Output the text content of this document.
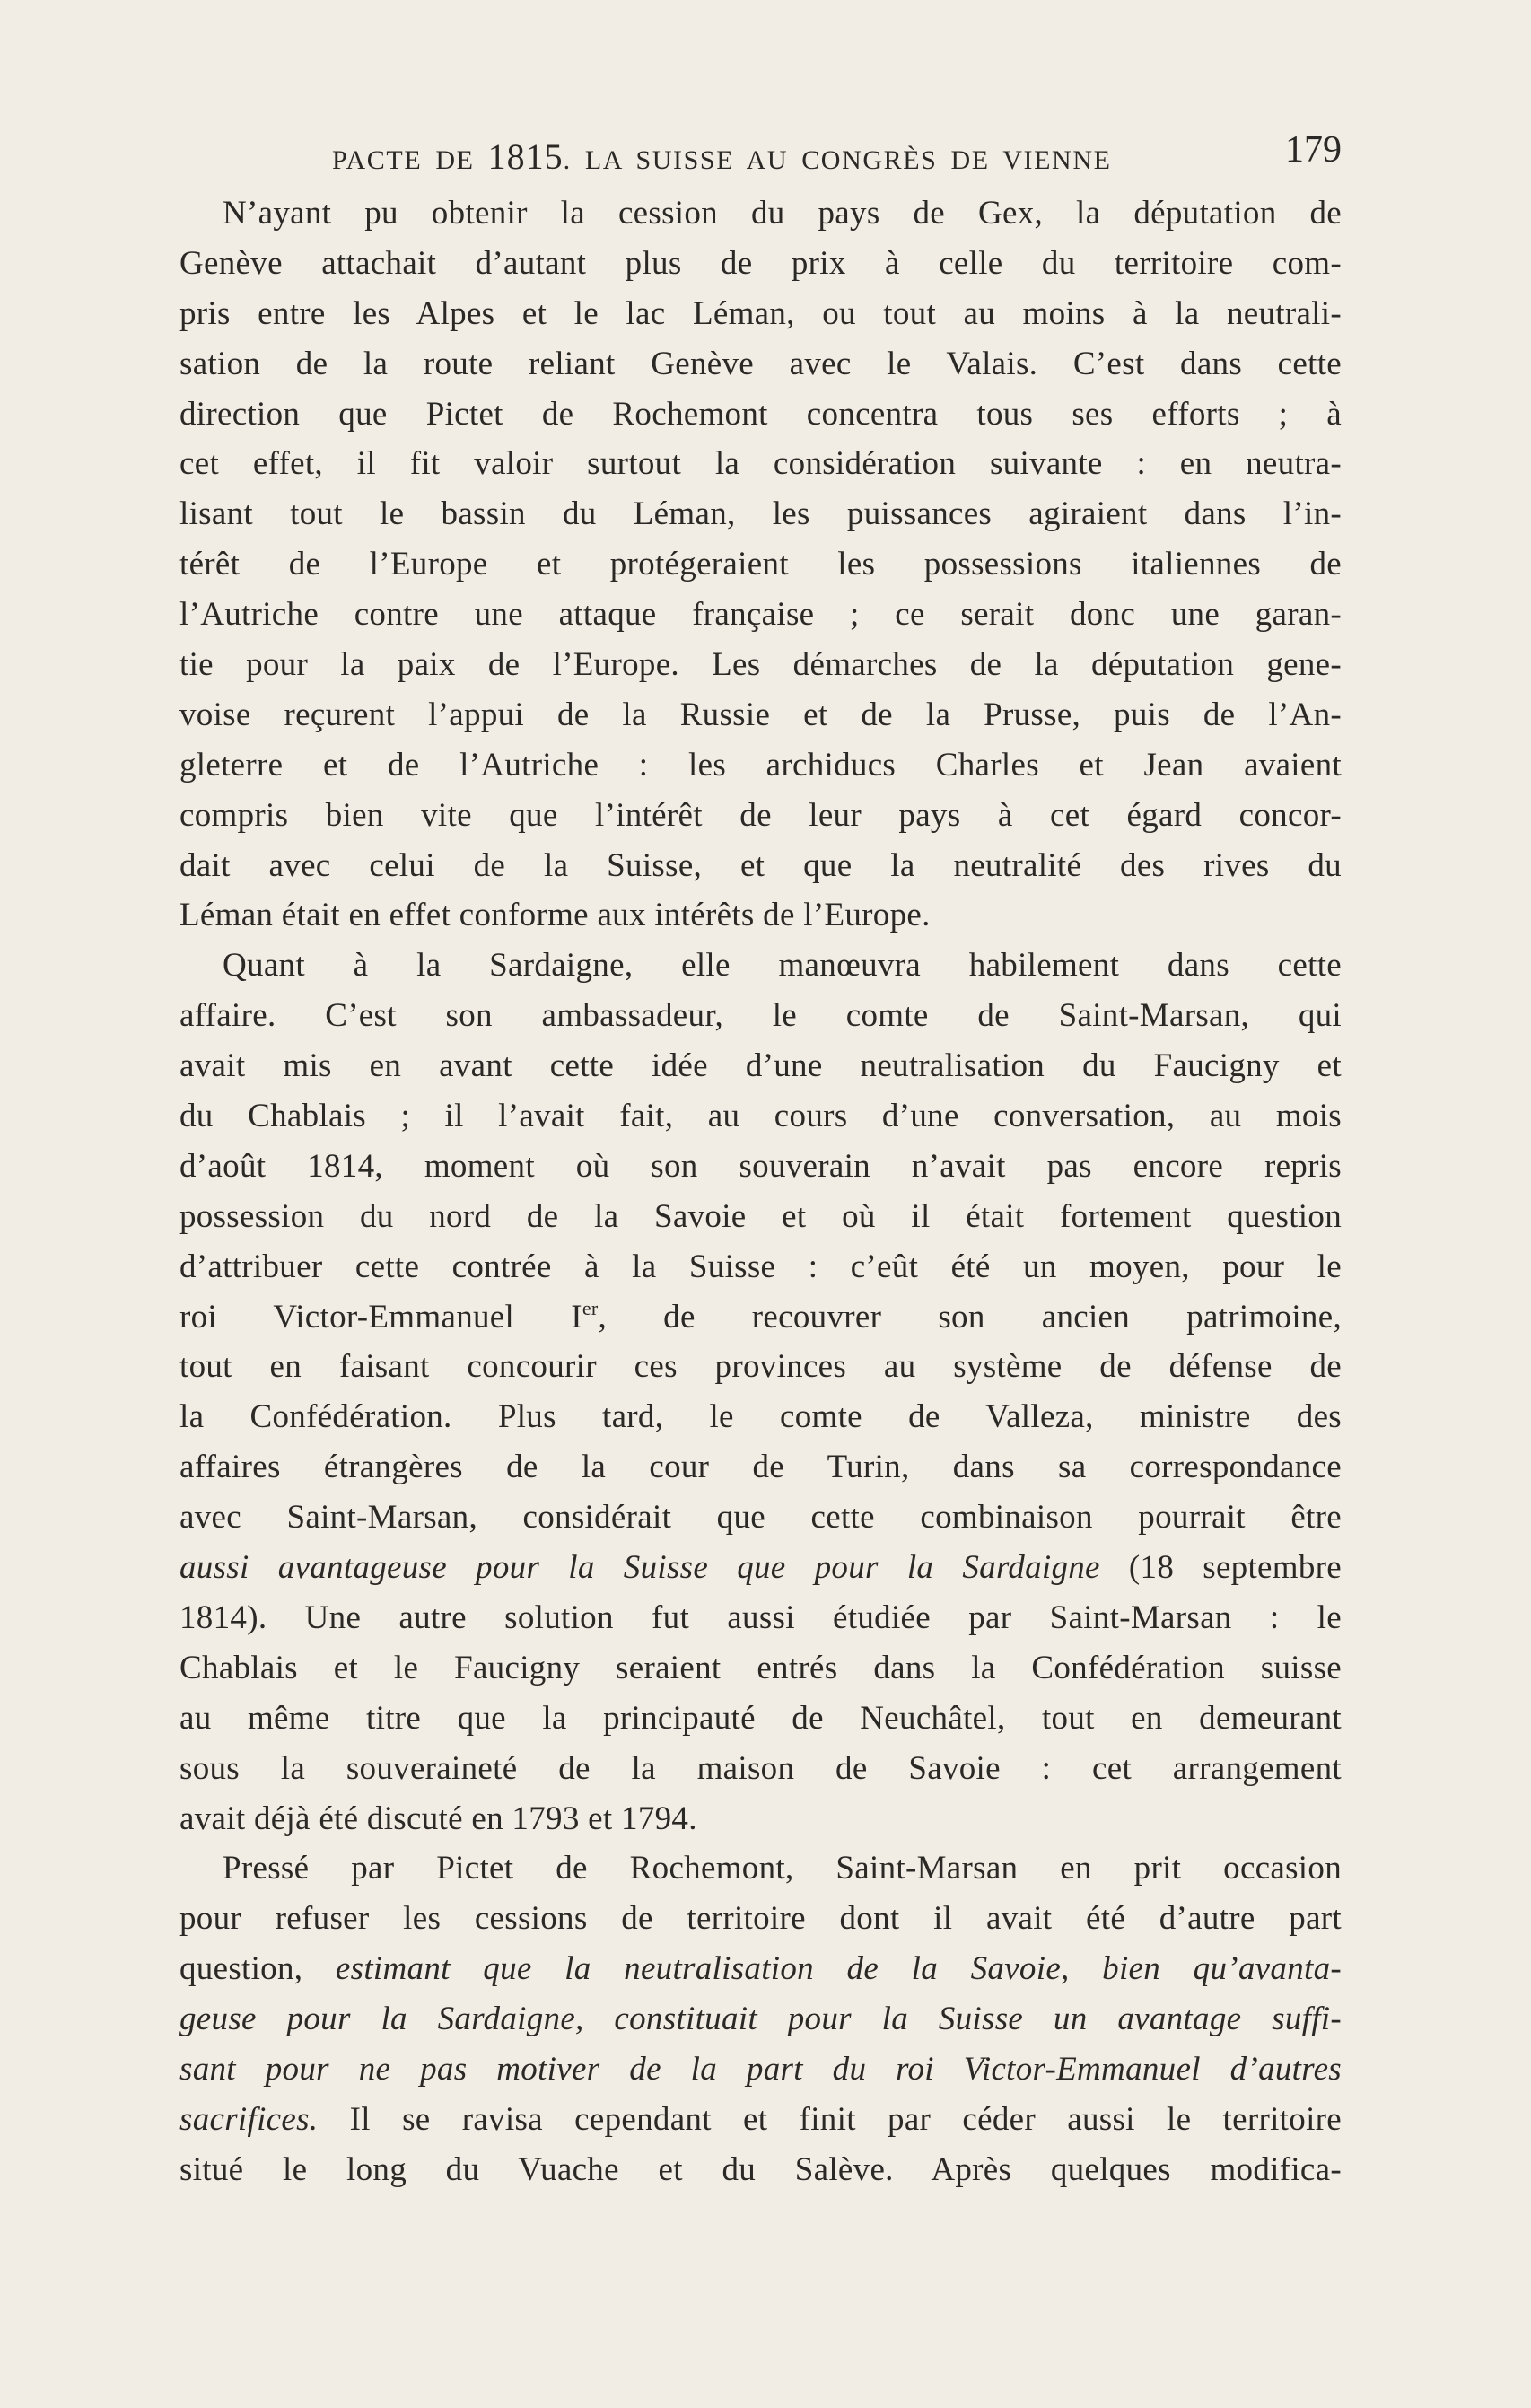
PACTE DE 1815. LA SUISSE AU CONGRÈS DE VIENNE	179
N’ayant pu obtenir la cession du pays de Gex, la députation de
Genève attachait d’autant plus de prix à celle du territoire com-
pris entre les Alpes et le lac Léman, ou tout au moins à la neutrali-
sation de la route reliant Genève avec le Valais. C’est dans cette
direction que Pictet de Rochemont concentra tous ses efforts ; à
cet effet, il fit valoir surtout la considération suivante : en neutra-
lisant tout le bassin du Léman, les puissances agiraient dans l’in-
térêt de l’Europe et protégeraient les possessions italiennes de
l’Autriche contre une attaque française ; ce serait donc une garan-
tie pour la paix de l’Europe. Les démarches de la députation gene-
voise reçurent l’appui de la Russie et de la Prusse, puis de l’An-
gleterre et de l’Autriche : les archiducs Charles et Jean avaient
compris bien vite que l’intérêt de leur pays à cet égard concor-
dait avec celui de la Suisse, et que la neutralité des rives du
Léman était en effet conforme aux intérêts de l’Europe.
Quant à la Sardaigne, elle manœuvra habilement dans cette
affaire. C’est son ambassadeur, le comte de Saint-Marsan, qui
avait mis en avant cette idée d’une neutralisation du Faucigny et
du Chablais ; il l’avait fait, au cours d’une conversation, au mois
d’août 1814, moment où son souverain n’avait pas encore repris
possession du nord de la Savoie et où il était fortement question
d’attribuer cette contrée à la Suisse : c’eût été un moyen, pour le
roi Victor-Emmanuel Ier, de recouvrer son ancien patrimoine,
tout en faisant concourir ces provinces au système de défense de
la Confédération. Plus tard, le comte de Valleza, ministre des
affaires étrangères de la cour de Turin, dans sa correspondance
avec Saint-Marsan, considérait que cette combinaison pourrait être
aussi avantageuse pour la Suisse que pour la Sardaigne (18 septembre
1814). Une autre solution fut aussi étudiée par Saint-Marsan : le
Chablais et le Faucigny seraient entrés dans la Confédération suisse
au même titre que la principauté de Neuchâtel, tout en demeurant
sous la souveraineté de la maison de Savoie : cet arrangement
avait déjà été discuté en 1793 et 1794.
Pressé par Pictet de Rochemont, Saint-Marsan en prit occasion
pour refuser les cessions de territoire dont il avait été d’autre part
question, estimant que la neutralisation de la Savoie, bien qu’avanta-
geuse pour la Sardaigne, constituait pour la Suisse un avantage suffi-
sant pour ne pas motiver de la part du roi Victor-Emmanuel d’autres
sacrifices. Il se ravisa cependant et finit par céder aussi le territoire
situé le long du Vuache et du Salève. Après quelques modifica-
